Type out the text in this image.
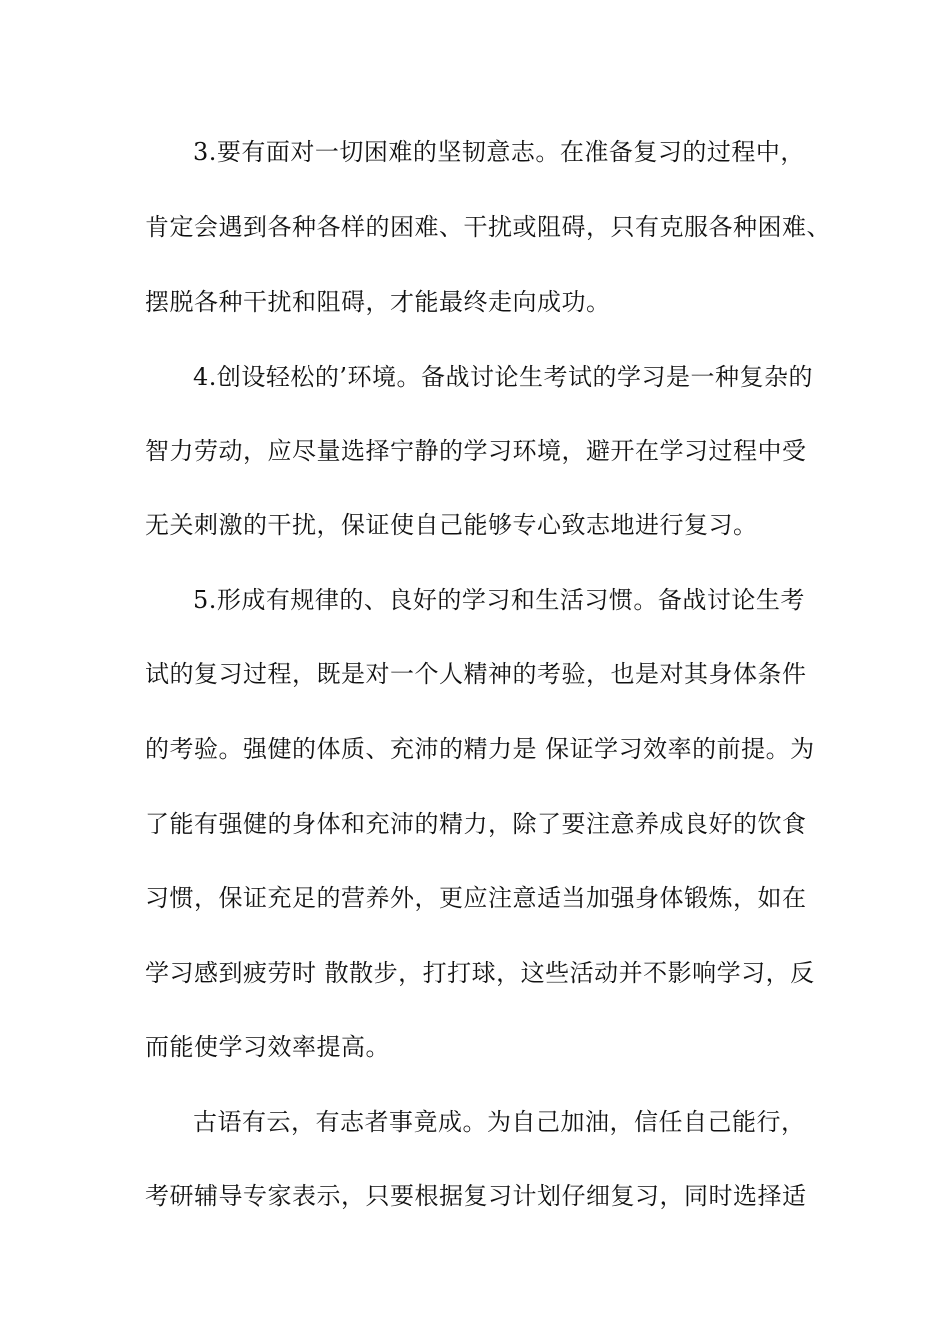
3.要有面对一切困难的坚韧意志。在准备复习的过程中，
肯定会遇到各种各样的困难、干扰或阻碍，只有克服各种困难、
摆脱各种干扰和阻碍，才能最终走向成功。
4.创设轻松的’环境。备战讨论生考试的学习是一种复杂的
智力劳动，应尽量选择宁静的学习环境，避开在学习过程中受
无关刺激的干扰，保证使自己能够专心致志地进行复习。
5.形成有规律的、良好的学习和生活习惯。备战讨论生考
试的复习过程，既是对一个人精神的考验，也是对其身体条件
的考验。强健的体质、充沛的精力是 保证学习效率的前提。为
了能有强健的身体和充沛的精力，除了要注意养成良好的饮食
习惯，保证充足的营养外，更应注意适当加强身体锻炼，如在
学习感到疲劳时 散散步，打打球，这些活动并不影响学习，反
而能使学习效率提高。
古语有云，有志者事竟成。为自己加油，信任自己能行，
考研辅导专家表示，只要根据复习计划仔细复习，同时选择适
